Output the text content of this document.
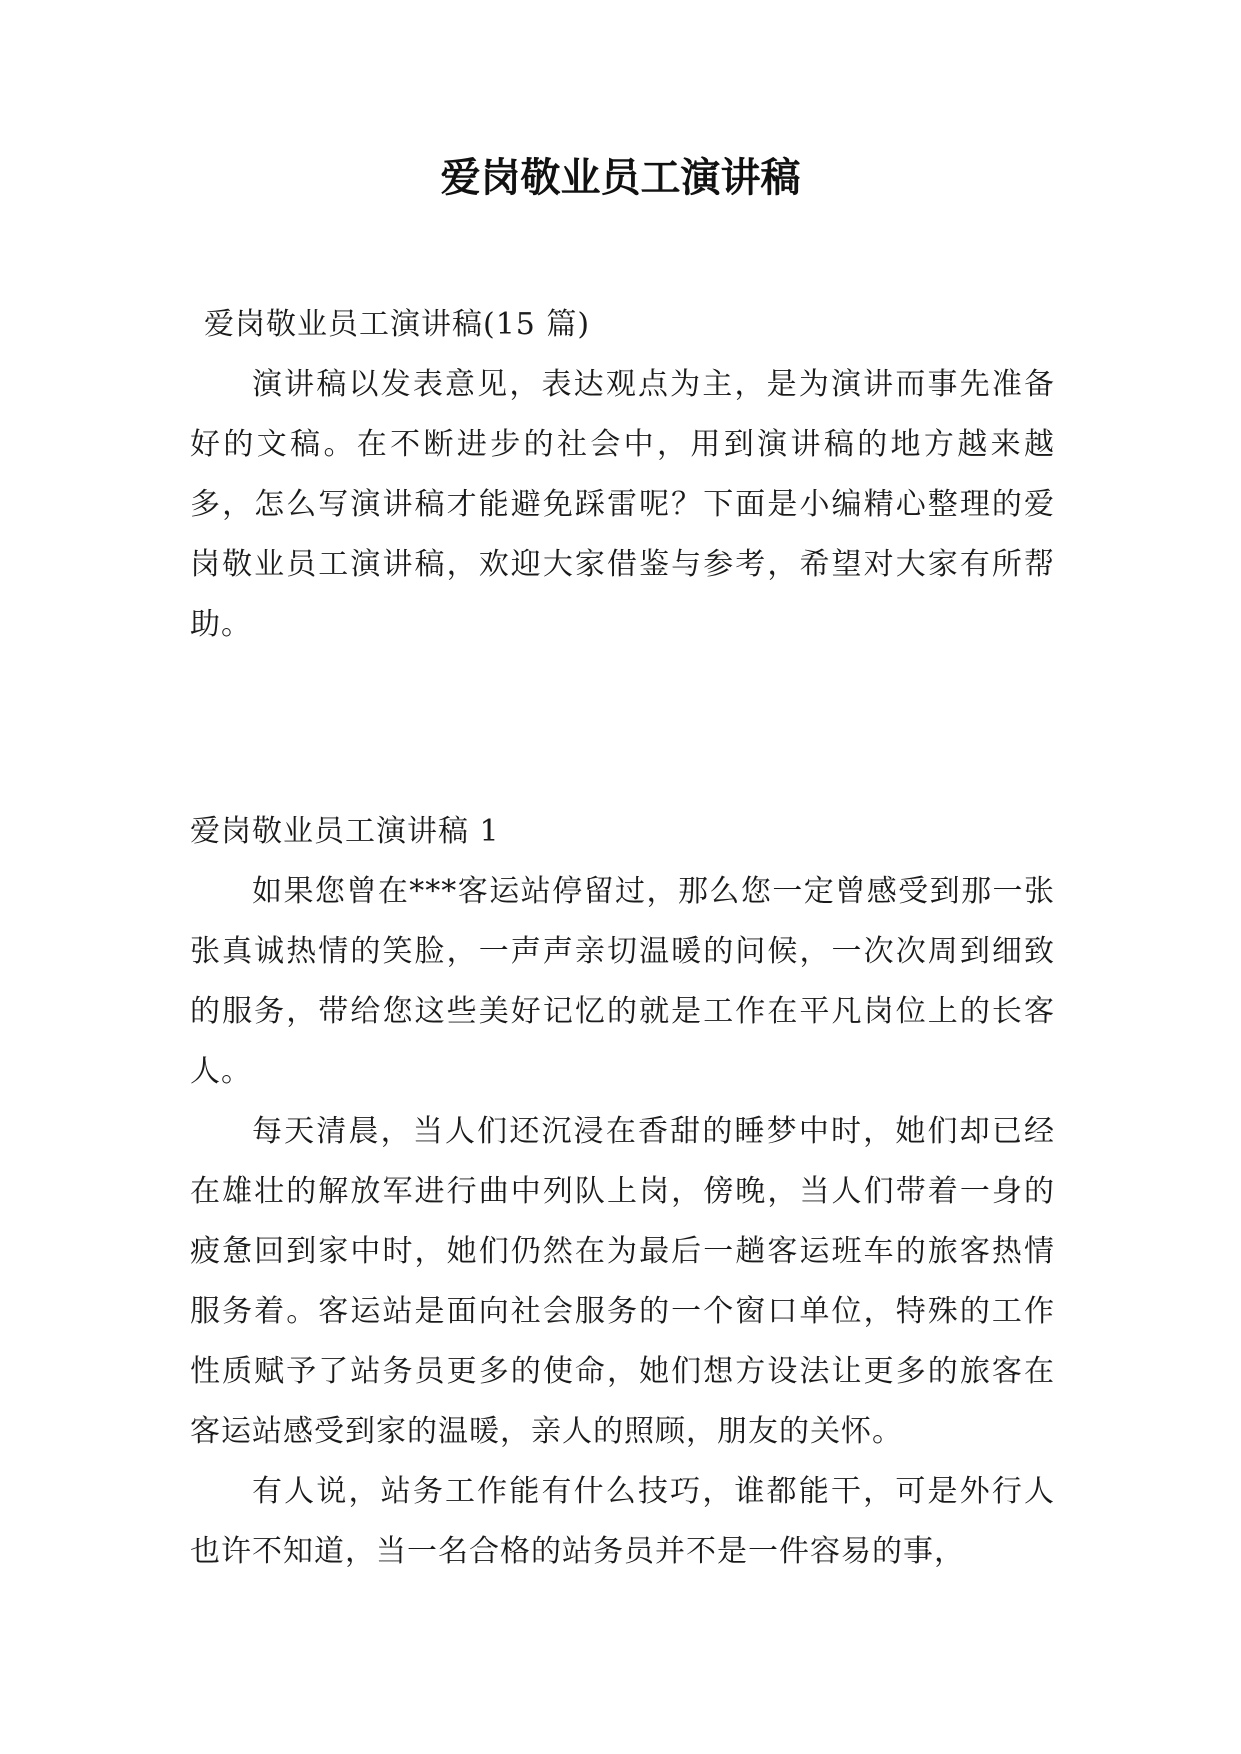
爱岗敬业员工演讲稿

爱岗敬业员工演讲稿(15 篇)

演讲稿以发表意见，表达观点为主，是为演讲而事先准备好的文稿。在不断进步的社会中，用到演讲稿的地方越来越多，怎么写演讲稿才能避免踩雷呢？下面是小编精心整理的爱岗敬业员工演讲稿，欢迎大家借鉴与参考，希望对大家有所帮助。

爱岗敬业员工演讲稿 1

如果您曾在***客运站停留过，那么您一定曾感受到那一张张真诚热情的笑脸，一声声亲切温暖的问候，一次次周到细致的服务，带给您这些美好记忆的就是工作在平凡岗位上的长客人。

每天清晨，当人们还沉浸在香甜的睡梦中时，她们却已经在雄壮的解放军进行曲中列队上岗，傍晚，当人们带着一身的疲惫回到家中时，她们仍然在为最后一趟客运班车的旅客热情服务着。客运站是面向社会服务的一个窗口单位，特殊的工作性质赋予了站务员更多的使命，她们想方设法让更多的旅客在客运站感受到家的温暖，亲人的照顾，朋友的关怀。

有人说，站务工作能有什么技巧，谁都能干，可是外行人也许不知道，当一名合格的站务员并不是一件容易的事，
